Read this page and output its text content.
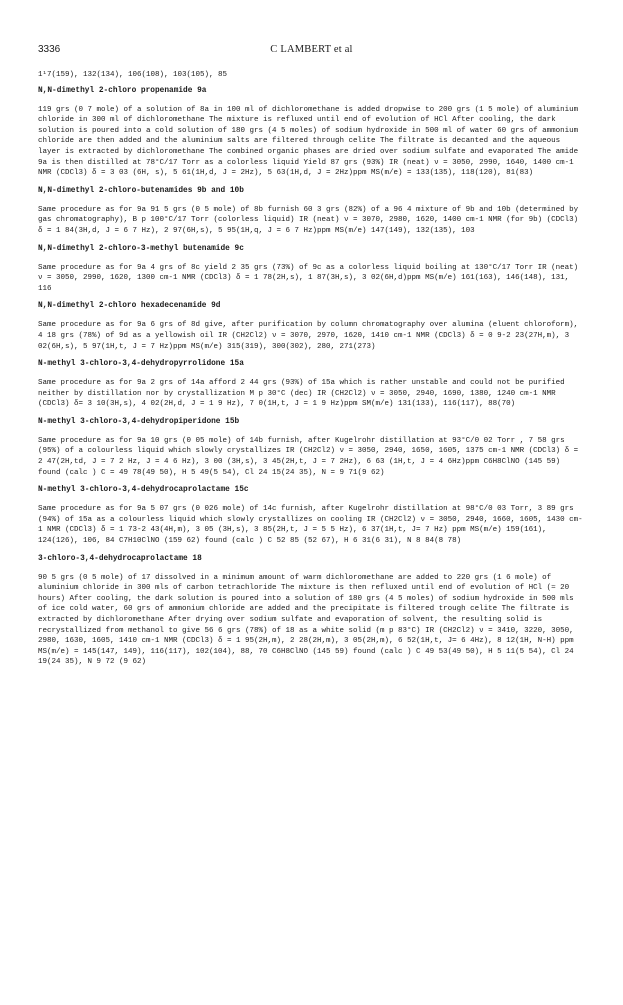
3336	C LAMBERT et al

1¹7(159), 132(134), 106(108), 103(105), 85

N,N-dimethyl 2-chloro propenamide 9a

119 grs (0 7 mole) of a solution of 8a in 100 ml of dichloromethane is added dropwise to 200 grs (1 5 mole) of aluminium chloride in 300 ml of dichloromethane The mixture is refluxed until end of evolution of HCl After cooling, the dark solution is poured into a cold solution of 180 grs (4 5 moles) of sodium hydroxide in 500 ml of water 60 grs of ammonium chloride are then added and the aluminium salts are filtered through celite The filtrate is decanted and the aqueous layer is extracted by dichloromethane The combined organic phases are dried over sodium sulfate and evaporated The amide 9a is then distilled at 78°C/17 Torr as a colorless liquid Yield 87 grs (93%) IR (neat) ν = 3050, 2990, 1640, 1400 cm-1 NMR (CDCl3) δ = 3 03 (6H, s), 5 61(1H,d, J = 2Hz), 5 63(1H,d, J = 2Hz)ppm MS(m/e) = 133(135), 118(120), 81(83)

N,N-dimethyl 2-chloro-butenamides 9b and 10b

Same procedure as for 9a 91 5 grs (0 5 mole) of 8b furnish 60 3 grs (82%) of a 96 4 mixture of 9b and 10b (determined by gas chromatography), B p 100°C/17 Torr (colorless liquid) IR (neat) ν = 3070, 2980, 1620, 1400 cm-1 NMR (for 9b) (CDCl3) δ = 1 84(3H,d, J = 6 7 Hz), 2 97(6H,s), 5 95(1H,q, J = 6 7 Hz)ppm MS(m/e) 147(149), 132(135), 103

N,N-dimethyl 2-chloro-3-methyl butenamide 9c

Same procedure as for 9a 4 grs of 8c yield 2 35 grs (73%) of 9c as a colorless liquid boiling at 130°C/17 Torr IR (neat) ν = 3050, 2990, 1620, 1300 cm-1 NMR (CDCl3) δ = 1 78(2H,s), 1 87(3H,s), 3 02(6H,d)ppm MS(m/e) 161(163), 146(148), 131, 116

N,N-dimethyl 2-chloro hexadecenamide 9d

Same procedure as for 9a 6 grs of 8d give, after purification by column chromatography over alumina (eluent chloroform), 4 18 grs (78%) of 9d as a yellowish oil IR (CH2Cl2) ν = 3070, 2970, 1620, 1410 cm-1 NMR (CDCl3) δ = 0 9-2 23(27H,m), 3 02(6H,s), 5 97(1H,t, J = 7 Hz)ppm MS(m/e) 315(319), 300(302), 280, 271(273)

N-methyl 3-chloro-3,4-dehydropyrrolidone 15a

Same procedure as for 9a 2 grs of 14a afford 2 44 grs (93%) of 15a which is rather unstable and could not be purified neither by distillation nor by crystallization M p 30°C (dec) IR (CH2Cl2) ν = 3050, 2940, 1690, 1380, 1240 cm-1 NMR (CDCl3) δ= 3 10(3H,s), 4 02(2H,d, J = 1 9 Hz), 7 0(1H,t, J = 1 9 Hz)ppm SM(m/e) 131(133), 116(117), 88(70)

N-methyl 3-chloro-3,4-dehydropiperidone 15b

Same procedure as for 9a 10 grs (0 05 mole) of 14b furnish, after Kugelrohr distillation at 93°C/0 02 Torr , 7 58 grs (95%) of a colourless liquid which slowly crystallizes IR (CH2Cl2) ν = 3050, 2940, 1650, 1605, 1375 cm-1 NMR (CDCl3) δ = 2 47(2H,td, J = 7 2 Hz, J = 4 6 Hz), 3 00 (3H,s), 3 45(2H,t, J = 7 2Hz), 6 63 (1H,t, J = 4 6Hz)ppm C6H8ClNO (145 59) found (calc ) C = 49 78(49 50), H 5 49(5 54), Cl 24 15(24 35), N = 9 71(9 62)

N-methyl 3-chloro-3,4-dehydrocaprolactame 15c

Same procedure as for 9a 5 07 grs (0 026 mole) of 14c furnish, after Kugelrohr distillation at 98°C/0 03 Torr, 3 89 grs (94%) of 15a as a colourless liquid which slowly crystallizes on cooling IR (CH2Cl2) ν = 3050, 2940, 1660, 1605, 1430 cm-1 NMR (CDCl3) δ = 1 73-2 43(4H,m), 3 05 (3H,s), 3 85(2H,t, J = 5 5 Hz), 6 37(1H,t, J= 7 Hz) ppm MS(m/e) 159(161), 124(126), 106, 84 C7H10ClNO (159 62) found (calc ) C 52 85 (52 67), H 6 31(6 31), N 8 84(8 78)

3-chloro-3,4-dehydrocaprolactame 18

90 5 grs (0 5 mole) of 17 dissolved in a minimum amount of warm dichloromethane are added to 220 grs (1 6 mole) of aluminium chloride in 300 mls of carbon tetrachloride The mixture is then refluxed until end of evolution of HCl (≈ 20 hours) After cooling, the dark solution is poured into a solution of 180 grs (4 5 moles) of sodium hydroxide in 500 mls of ice cold water, 60 grs of ammonium chloride are added and the precipitate is filtered trough celite The filtrate is extracted by dichloromethane After drying over sodium sulfate and evaporation of solvent, the resulting solid is recrystallized from methanol to give 56 6 grs (78%) of 18 as a white solid (m p 83°C) IR (CH2Cl2) ν = 3410, 3220, 3050, 2980, 1630, 1605, 1410 cm-1 NMR (CDCl3) δ = 1 95(2H,m), 2 28(2H,m), 3 05(2H,m), 6 52(1H,t, J= 6 4Hz), 8 12(1H, N-H) ppm MS(m/e) = 145(147, 149), 116(117), 102(104), 88, 70 C6H8ClNO (145 59) found (calc ) C 49 53(49 50), H 5 11(5 54), Cl 24 19(24 35), N 9 72 (9 62)
